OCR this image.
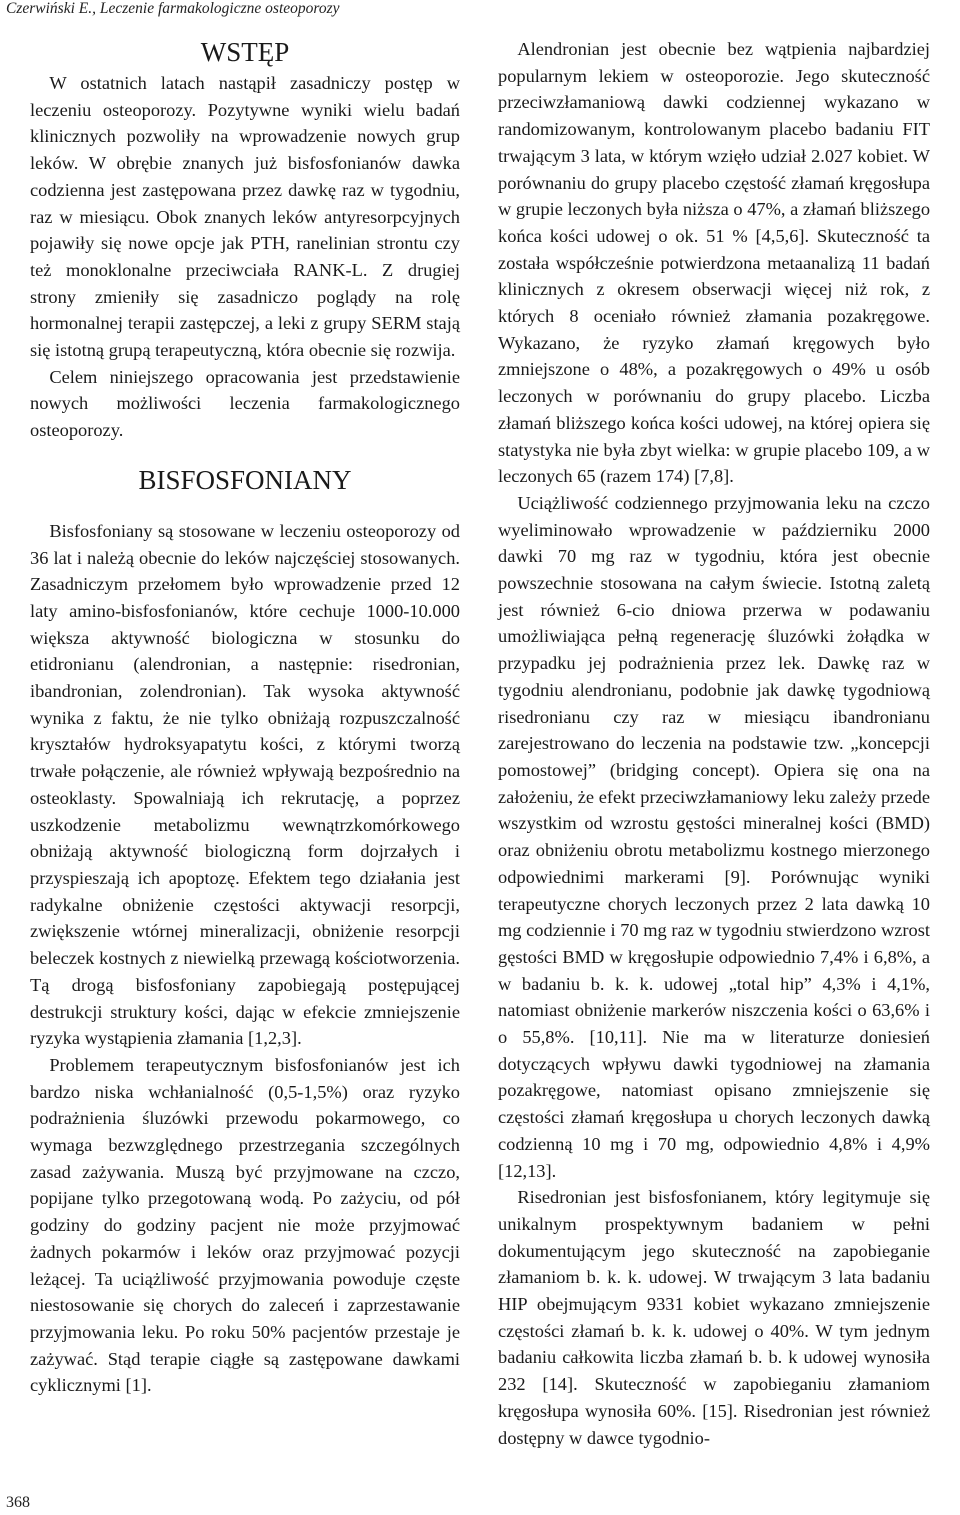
Czerwiński E., Leczenie farmakologiczne osteoporozy
WSTĘP

W ostatnich latach nastąpił zasadniczy postęp w leczeniu osteoporozy. Pozytywne wyniki wielu badań klinicznych pozwoliły na wprowadzenie nowych grup leków. W obrębie znanych już bisfosfonianów dawka codzienna jest zastępowana przez dawkę raz w tygodniu, raz w miesiącu. Obok znanych leków antyresorpcyjnych pojawiły się nowe opcje jak PTH, ranelinian strontu czy też monoklonalne przeciwciała RANK-L. Z drugiej strony zmieniły się zasadniczo poglądy na rolę hormonalnej terapii zastępczej, a leki z grupy SERM stają się istotną grupą terapeutyczną, która obecnie się rozwija.

Celem niniejszego opracowania jest przedstawienie nowych możliwości leczenia farmakologicznego osteoporozy.

BISFOSFONIANY

Bisfosfoniany są stosowane w leczeniu osteoporozy od 36 lat i należą obecnie do leków najczęściej stosowanych. Zasadniczym przełomem było wprowadzenie przed 12 laty amino-bisfosfonianów, które cechuje 1000-10.000 większa aktywność biologiczna w stosunku do etidronianu (alendronian, a następnie: risedronian, ibandronian, zolendronian). Tak wysoka aktywność wynika z faktu, że nie tylko obniżają rozpuszczalność kryształów hydroksyapatytu kości, z którymi tworzą trwałe połączenie, ale również wpływają bezpośrednio na osteoklasty. Spowalniają ich rekrutację, a poprzez uszkodzenie metabolizmu wewnątrzkomórkowego obniżają aktywność biologiczną form dojrzałych i przyspieszają ich apoptozę. Efektem tego działania jest radykalne obniżenie częstości aktywacji resorpcji, zwiększenie wtórnej mineralizacji, obniżenie resorpcji beleczek kostnych z niewielką przewagą kościotworzenia. Tą drogą bisfosfoniany zapobiegają postępującej destrukcji struktury kości, dając w efekcie zmniejszenie ryzyka wystąpienia złamania [1,2,3].

Problemem terapeutycznym bisfosfonianów jest ich bardzo niska wchłanialność (0,5-1,5%) oraz ryzyko podrażnienia śluzówki przewodu pokarmowego, co wymaga bezwzględnego przestrzegania szczególnych zasad zażywania. Muszą być przyjmowane na czczo, popijane tylko przegotowaną wodą. Po zażyciu, od pół godziny do godziny pacjent nie może przyjmować żadnych pokarmów i leków oraz przyjmować pozycji leżącej. Ta uciążliwość przyjmowania powoduje częste niestosowanie się chorych do zaleceń i zaprzestawanie przyjmowania leku. Po roku 50% pacjentów przestaje je zażywać. Stąd terapie ciągłe są zastępowane dawkami cyklicznymi [1].

Alendronian jest obecnie bez wątpienia najbardziej popularnym lekiem w osteoporozie. Jego skuteczność przeciwzłamaniową dawki codziennej wykazano w randomizowanym, kontrolowanym placebo badaniu FIT trwającym 3 lata, w którym wzięło udział 2.027 kobiet. W porównaniu do grupy placebo częstość złamań kręgosłupa w grupie leczonych była niższa o 47%, a złamań bliższego końca kości udowej o ok. 51 % [4,5,6]. Skuteczność ta została współcześnie potwierdzona metaanalizą 11 badań klinicznych z okresem obserwacji więcej niż rok, z których 8 oceniało również złamania pozakręgowe. Wykazano, że ryzyko złamań kręgowych było zmniejszone o 48%, a pozakręgowych o 49% u osób leczonych w porównaniu do grupy placebo. Liczba złamań bliższego końca kości udowej, na której opiera się statystyka nie była zbyt wielka: w grupie placebo 109, a w leczonych 65 (razem 174) [7,8].

Uciążliwość codziennego przyjmowania leku na czczo wyeliminowało wprowadzenie w październiku 2000 dawki 70 mg raz w tygodniu, która jest obecnie powszechnie stosowana na całym świecie. Istotną zaletą jest również 6-cio dniowa przerwa w podawaniu umożliwiająca pełną regenerację śluzówki żołądka w przypadku jej podrażnienia przez lek. Dawkę raz w tygodniu alendronianu, podobnie jak dawkę tygodniową risedronianu czy raz w miesiącu ibandronianu zarejestrowano do leczenia na podstawie tzw. „koncepcji pomostowej” (bridging concept). Opiera się ona na założeniu, że efekt przeciwzłamaniowy leku zależy przede wszystkim od wzrostu gęstości mineralnej kości (BMD) oraz obniżeniu obrotu metabolizmu kostnego mierzonego odpowiednimi markerami [9]. Porównując wyniki terapeutyczne chorych leczonych przez 2 lata dawką 10 mg codziennie i 70 mg raz w tygodniu stwierdzono wzrost gęstości BMD w kręgosłupie odpowiednio 7,4% i 6,8%, a w badaniu b. k. k. udowej „total hip” 4,3% i 4,1%, natomiast obniżenie markerów niszczenia kości o 63,6% i o 55,8%. [10,11]. Nie ma w literaturze doniesień dotyczących wpływu dawki tygodniowej na złamania pozakręgowe, natomiast opisano zmniejszenie się częstości złamań kręgosłupa u chorych leczonych dawką codzienną 10 mg i 70 mg, odpowiednio 4,8% i 4,9% [12,13].

Risedronian jest bisfosfonianem, który legitymuje się unikalnym prospektywnym badaniem w pełni dokumentującym jego skuteczność na zapobieganie złamaniom b. k. k. udowej. W trwającym 3 lata badaniu HIP obejmującym 9331 kobiet wykazano zmniejszenie częstości złamań b. k. k. udowej o 40%. W tym jednym badaniu całkowita liczba złamań b. b. k udowej wynosiła 232 [14]. Skuteczność w zapobieganiu złamaniom kręgosłupa wynosiła 60%. [15]. Risedronian jest również dostępny w dawce tygodnio-

368
